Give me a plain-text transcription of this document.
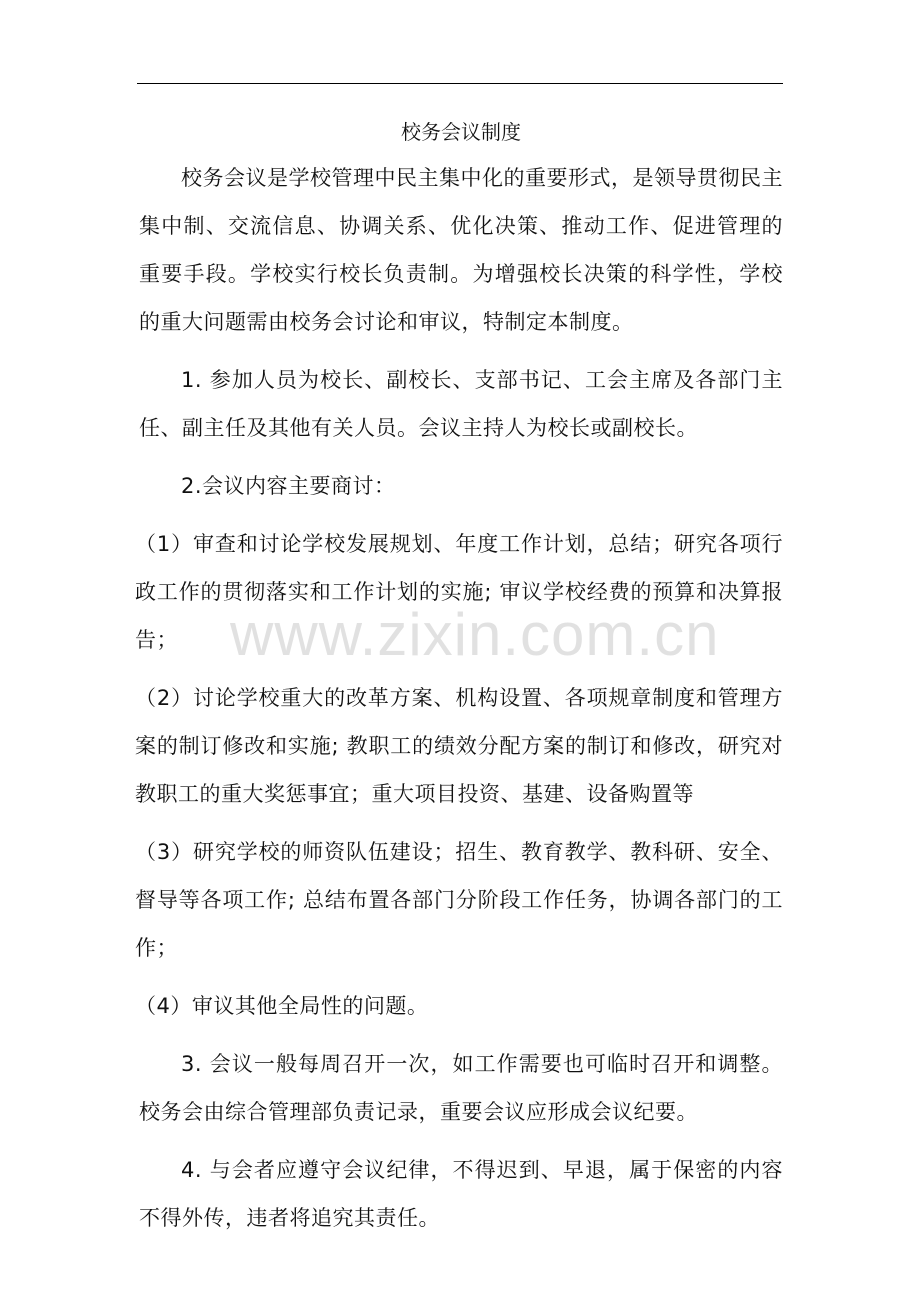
校务会议制度

校务会议是学校管理中民主集中化的重要形式，是领导贯彻民主集中制、交流信息、协调关系、优化决策、推动工作、促进管理的重要手段。学校实行校长负责制。为增强校长决策的科学性，学校的重大问题需由校务会讨论和审议，特制定本制度。

1. 参加人员为校长、副校长、支部书记、工会主席及各部门主任、副主任及其他有关人员。会议主持人为校长或副校长。

2.会议内容主要商讨：

（1）审查和讨论学校发展规划、年度工作计划，总结；研究各项行政工作的贯彻落实和工作计划的实施; 审议学校经费的预算和决算报告；

（2）讨论学校重大的改革方案、机构设置、各项规章制度和管理方案的制订修改和实施; 教职工的绩效分配方案的制订和修改，研究对教职工的重大奖惩事宜；重大项目投资、基建、设备购置等

（3）研究学校的师资队伍建设；招生、教育教学、教科研、安全、督导等各项工作; 总结布置各部门分阶段工作任务，协调各部门的工作；

（4）审议其他全局性的问题。

3. 会议一般每周召开一次，如工作需要也可临时召开和调整。校务会由综合管理部负责记录，重要会议应形成会议纪要。

4. 与会者应遵守会议纪律，不得迟到、早退，属于保密的内容不得外传，违者将追究其责任。

www.zixin.com.cn
